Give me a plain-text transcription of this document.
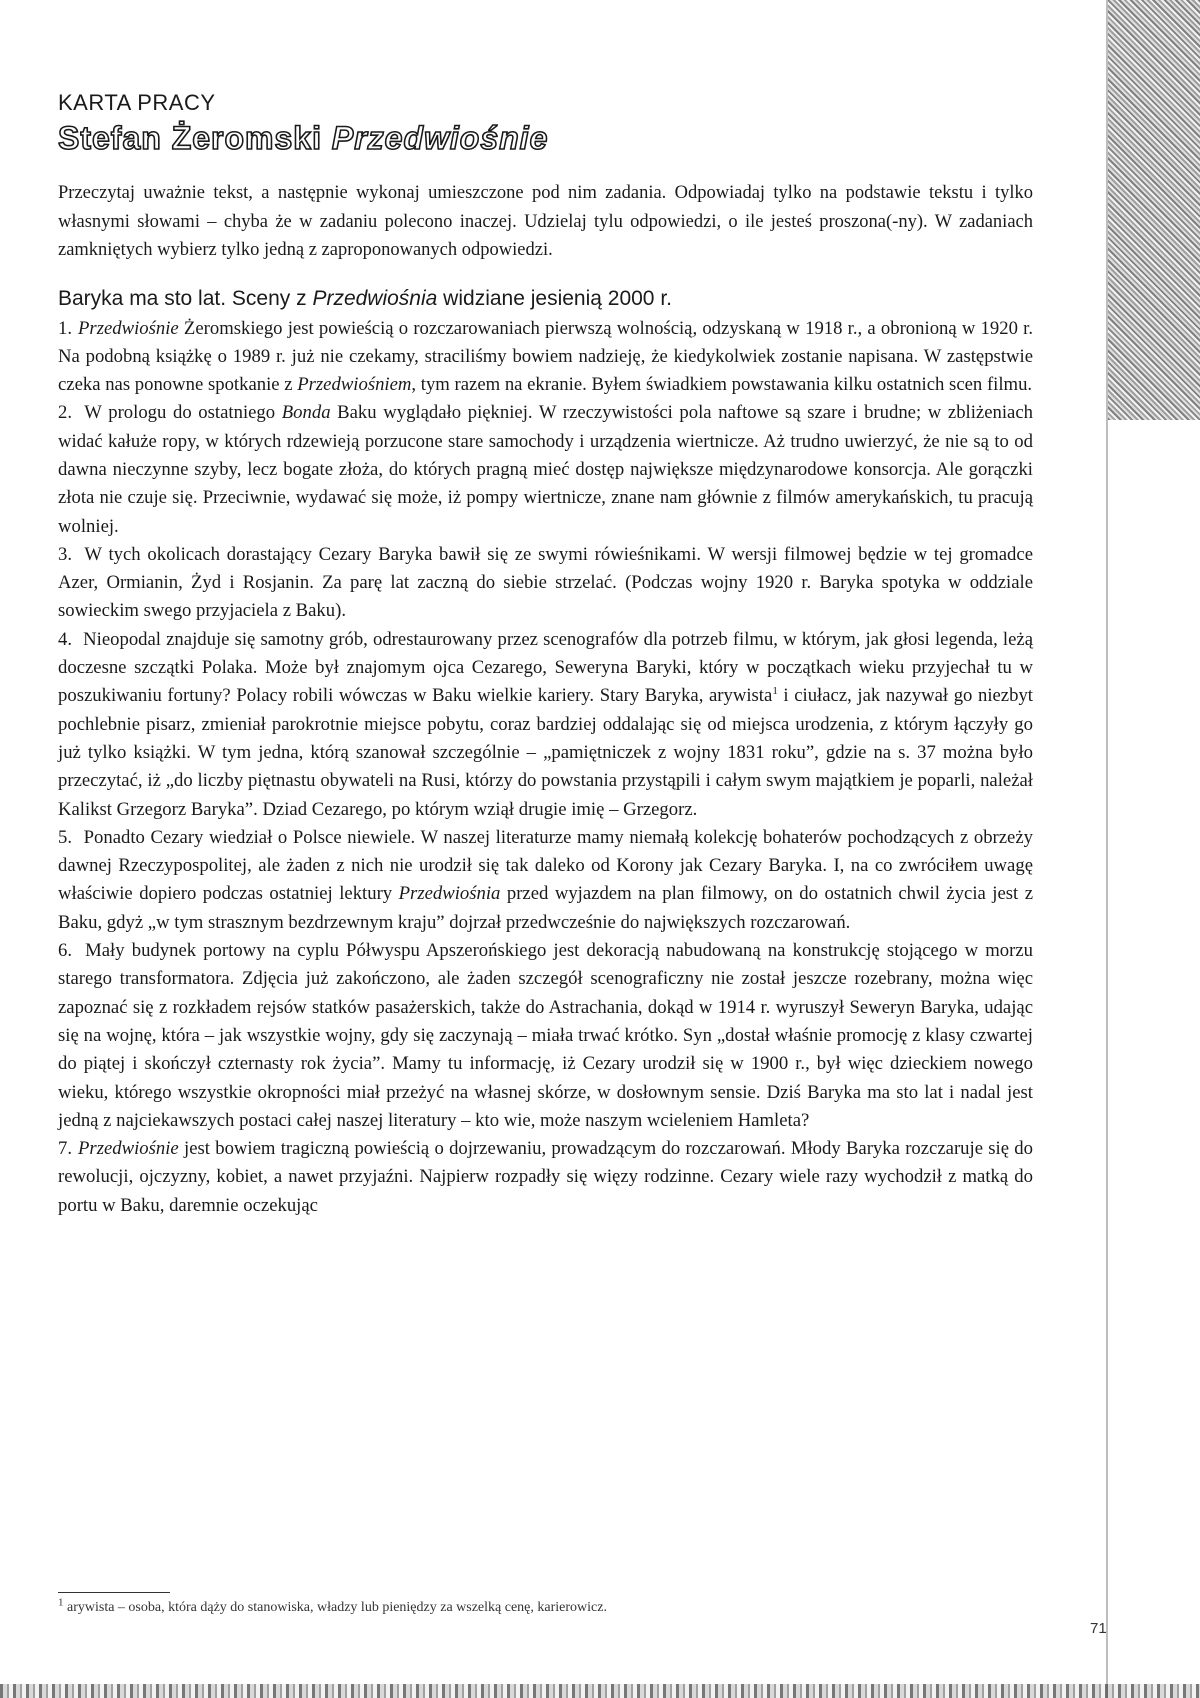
KARTA PRACY
Stefan Żeromski Przedwiośnie

Przeczytaj uważnie tekst, a następnie wykonaj umieszczone pod nim zadania. Odpowiadaj tylko na podstawie tekstu i tylko własnymi słowami – chyba że w zadaniu polecono inaczej. Udzielaj tylu odpowiedzi, o ile jesteś proszona(-ny). W zadaniach zamkniętych wybierz tylko jedną z zaproponowanych odpowiedzi.

Baryka ma sto lat. Sceny z Przedwiośnia widziane jesienią 2000 r.

1. Przedwiośnie Żeromskiego jest powieścią o rozczarowaniach pierwszą wolnością, odzyskaną w 1918 r., a obronioną w 1920 r. Na podobną książkę o 1989 r. już nie czekamy, straciliśmy bowiem nadzieję, że kiedykolwiek zostanie napisana. W zastępstwie czeka nas ponowne spotkanie z Przedwiośniem, tym razem na ekranie. Byłem świadkiem powstawania kilku ostatnich scen filmu.

2. W prologu do ostatniego Bonda Baku wyglądało piękniej. W rzeczywistości pola naftowe są szare i brudne; w zbliżeniach widać kałuże ropy, w których rdzewieją porzucone stare samochody i urządzenia wiertnicze. Aż trudno uwierzyć, że nie są to od dawna nieczynne szyby, lecz bogate złoża, do których pragną mieć dostęp największe międzynarodowe konsorcja. Ale gorączki złota nie czuje się. Przeciwnie, wydawać się może, iż pompy wiertnicze, znane nam głównie z filmów amerykańskich, tu pracują wolniej.

3. W tych okolicach dorastający Cezary Baryka bawił się ze swymi rówieśnikami. W wersji filmowej będzie w tej gromadce Azer, Ormianin, Żyd i Rosjanin. Za parę lat zaczną do siebie strzelać. (Podczas wojny 1920 r. Baryka spotyka w oddziale sowieckim swego przyjaciela z Baku).

4. Nieopodal znajduje się samotny grób, odrestaurowany przez scenografów dla potrzeb filmu, w którym, jak głosi legenda, leżą doczesne szczątki Polaka. Może był znajomym ojca Cezarego, Seweryna Baryki, który w początkach wieku przyjechał tu w poszukiwaniu fortuny? Polacy robili wówczas w Baku wielkie kariery. Stary Baryka, arywista$^1$ i ciułacz, jak nazywał go niezbyt pochlebnie pisarz, zmieniał parokrotnie miejsce pobytu, coraz bardziej oddalając się od miejsca urodzenia, z którym łączyły go już tylko książki. W tym jedna, którą szanował szczególnie – „pamiętniczek z wojny 1831 roku”, gdzie na s. 37 można było przeczytać, iż „do liczby piętnastu obywateli na Rusi, którzy do powstania przystąpili i całym swym majątkiem je poparli, należał Kalikst Grzegorz Baryka”. Dziad Cezarego, po którym wziął drugie imię – Grzegorz.

5. Ponadto Cezary wiedział o Polsce niewiele. W naszej literaturze mamy niemałą kolekcję bohaterów pochodzących z obrzeży dawnej Rzeczypospolitej, ale żaden z nich nie urodził się tak daleko od Korony jak Cezary Baryka. I, na co zwróciłem uwagę właściwie dopiero podczas ostatniej lektury Przedwiośnia przed wyjazdem na plan filmowy, on do ostatnich chwil życia jest z Baku, gdyż „w tym strasznym bezdrzewnym kraju” dojrzał przedwcześnie do największych rozczarowań.

6. Mały budynek portowy na cyplu Półwyspu Apszerońskiego jest dekoracją nabudowaną na konstrukcję stojącego w morzu starego transformatora. Zdjęcia już zakończono, ale żaden szczegół scenograficzny nie został jeszcze rozebrany, można więc zapoznać się z rozkładem rejsów statków pasażerskich, także do Astrachania, dokąd w 1914 r. wyruszył Seweryn Baryka, udając się na wojnę, która – jak wszystkie wojny, gdy się zaczynają – miała trwać krótko. Syn „dostał właśnie promocję z klasy czwartej do piątej i skończył czternasty rok życia”. Mamy tu informację, iż Cezary urodził się w 1900 r., był więc dzieckiem nowego wieku, którego wszystkie okropności miał przeżyć na własnej skórze, w dosłownym sensie. Dziś Baryka ma sto lat i nadal jest jedną z najciekawszych postaci całej naszej literatury – kto wie, może naszym wcieleniem Hamleta?

7. Przedwiośnie jest bowiem tragiczną powieścią o dojrzewaniu, prowadzącym do rozczarowań. Młody Baryka rozczaruje się do rewolucji, ojczyzny, kobiet, a nawet przyjaźni. Najpierw rozpadły się więzy rodzinne. Cezary wiele razy wychodził z matką do portu w Baku, daremnie oczekując

$^1$ arywista – osoba, która dąży do stanowiska, władzy lub pieniędzy za wszelką cenę, karierowicz.
71
